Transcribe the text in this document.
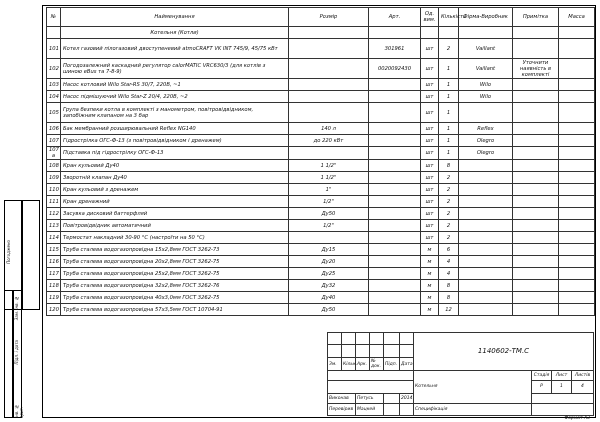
№	Найменування	Розмір	Арт.	Од. вим.	Кількість	Фірма-Виробник	Примітка	Масса
	Котельня (Котли)							
101	Котел газовий пілогазовий двоступеневий atmoCRAFT VK INT 745/9, 45/75 кВт		301961	шт	2	Vaillant		
102	Погодозалежний каскадний регулятор calorMATIC VRC630/3 (для котлів з шиною eBus та 7-8-9)		0020092430	шт	1	Vaillant	Уточнити наявність в комплекті	
103	Насос котловий Wilo Star-RS 30/7, 220В, ~1			шт	1	Wilo		
104	Насос підмішуючий Wilo Star-Z 20/4, 220В, ~2			шт	1	Wilo		
105	Група безпеки котла в комплекті з манометром, повітровідвідником, запобіжним клапаном на 3 бар			шт	1			
106	Бак мембранний розширювальний Reflex NG140	140 л		шт	1	Reflex		
107	Гідрострілка ОГС-Ф-13 (з повітровідвідником і дренажем)	до 220 кВт		шт	1	Olegro		
107 а	Підставка під гідрострілку ОГС-Ф-13			шт	1	Olegro		
108	Кран кульовий Ду40	1 1/2"		шт	8			
109	Зворотній клапан Ду40	1 1/2"		шт	2			
110	Кран кульовий з дренажем	1"		шт	2			
111	Кран дренажний	1/2"		шт	2			
112	Засувка дисковий баттерфляй	Ду50		шт	2			
113	Повітровідвідник автоматичний	1/2"		шт	2			
114	Термостат накладний 30-90 °С (настроїти на 50 °С)			шт	2			
115	Труба сталева водогазопровідна 15х2,8мм ГОСТ 3262-73	Ду15		м	6			
116	Труба сталева водогазопровідна 20х2,8мм ГОСТ 3262-75	Ду20		м	4			
117	Труба сталева водогазопровідна 25х2,8мм ГОСТ 3262-75	Ду25		м	4			
118	Труба сталева водогазопровідна 32х2,8мм ГОСТ 3262-76	Ду32		м	8			
119	Труба сталева водогазопровідна 40х3,0мм ГОСТ 3262-75	Ду40		м	8			
120	Труба сталева водогазопровідна 57х3,5мм ГОСТ 10704-91	Ду50		м	12			
Погоджено
Інв. № ориг.
Підп. і дата
Зам. інв. №
						1140602-ТМ.С			

Зм.	Кільк.	Арк.	№ док.	Підп.	Дата				
						Котельня	Стадія	Лист	Листів
							Р	1	4
Виконав		Петусь			2014				
Перевірив		Мацкей				Специфікація			
Формат А3
